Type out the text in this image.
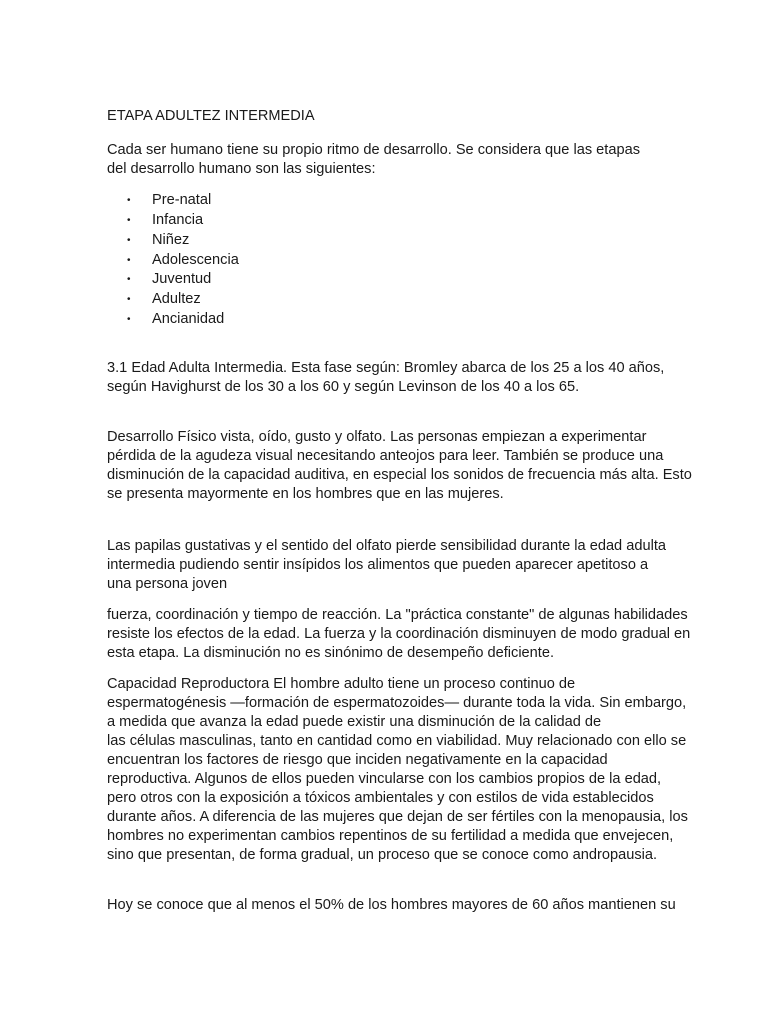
ETAPA ADULTEZ INTERMEDIA

Cada ser humano tiene su propio ritmo de desarrollo. Se considera que las etapas

del desarrollo humano son las siguientes:

• Pre-natal
• Infancia
• Niñez
• Adolescencia
• Juventud
• Adultez
• Ancianidad

3.1 Edad Adulta Intermedia. Esta fase según: Bromley abarca de los 25 a los 40 años,

según Havighurst de los 30 a los 60 y según Levinson de los 40 a los 65.

Desarrollo Físico vista, oído, gusto y olfato. Las personas empiezan a experimentar

pérdida de la agudeza visual necesitando anteojos para leer. También se produce una

disminución de la capacidad auditiva, en especial los sonidos de frecuencia más alta. Esto

se presenta mayormente en los hombres que en las mujeres.

Las papilas gustativas y el sentido del olfato pierde sensibilidad durante la edad adulta

intermedia pudiendo sentir insípidos los alimentos que pueden aparecer apetitoso a

una persona joven

fuerza, coordinación y tiempo de reacción. La "práctica constante" de algunas habilidades

resiste los efectos de la edad. La fuerza y la coordinación disminuyen de modo gradual en

esta etapa. La disminución no es sinónimo de desempeño deficiente.

Capacidad Reproductora El hombre adulto tiene un proceso continuo de

espermatogénesis —formación de espermatozoides— durante toda la vida. Sin embargo,

a medida que avanza la edad puede existir una disminución de la calidad de

las células masculinas, tanto en cantidad como en viabilidad. Muy relacionado con ello se

encuentran los factores de riesgo que inciden negativamente en la capacidad

reproductiva. Algunos de ellos pueden vincularse con los cambios propios de la edad,

pero otros con la exposición a tóxicos ambientales y con estilos de vida establecidos

durante años. A diferencia de las mujeres que dejan de ser fértiles con la menopausia, los

hombres no experimentan cambios repentinos de su fertilidad a medida que envejecen,

sino que presentan, de forma gradual, un proceso que se conoce como andropausia.

Hoy se conoce que al menos el 50% de los hombres mayores de 60 años mantienen su
